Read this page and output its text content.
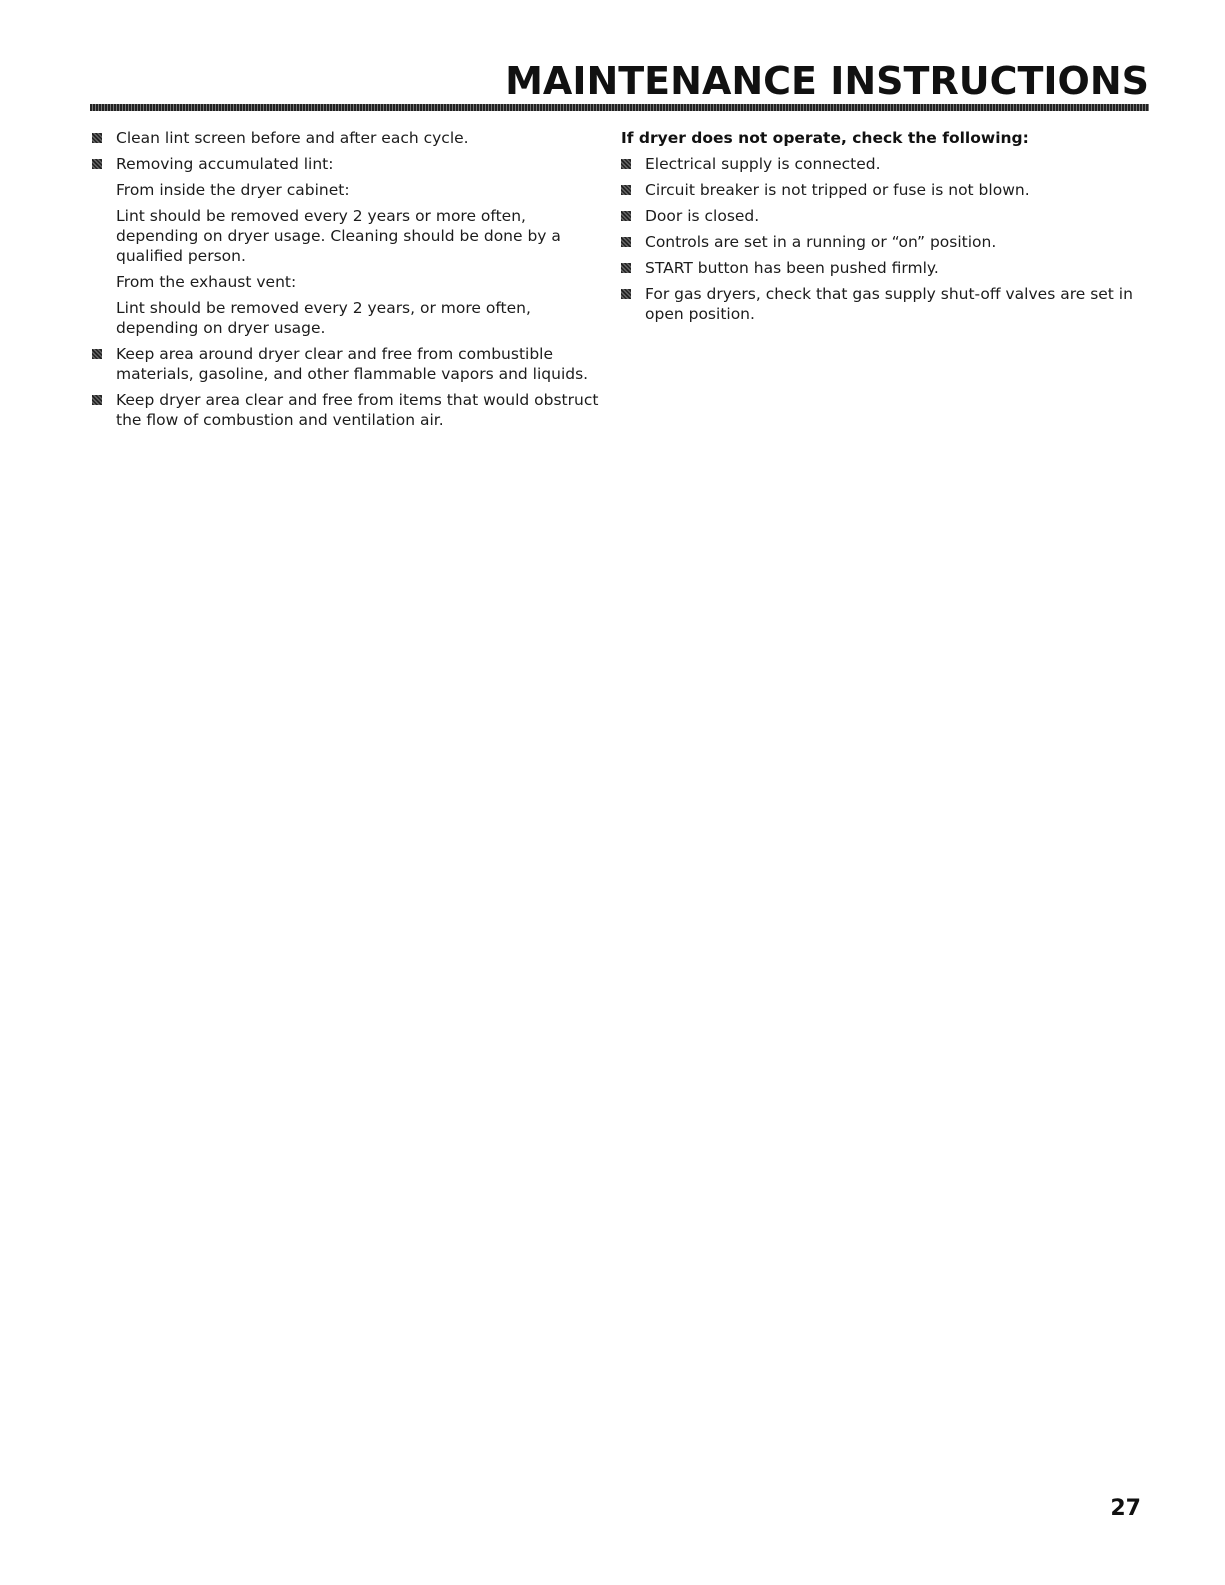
MAINTENANCE INSTRUCTIONS
Clean lint screen before and after each cycle.
Removing accumulated lint:
From inside the dryer cabinet:
Lint should be removed every 2 years or more often, depending on dryer usage. Cleaning should be done by a qualified person.
From the exhaust vent:
Lint should be removed every 2 years, or more often, depending on dryer usage.
Keep area around dryer clear and free from combustible materials, gasoline, and other flammable vapors and liquids.
Keep dryer area clear and free from items that would obstruct the flow of combustion and ventilation air.
If dryer does not operate, check the following:
Electrical supply is connected.
Circuit breaker is not tripped or fuse is not blown.
Door is closed.
Controls are set in a running or “on” position.
START button has been pushed firmly.
For gas dryers, check that gas supply shut-off valves are set in open position.
27
